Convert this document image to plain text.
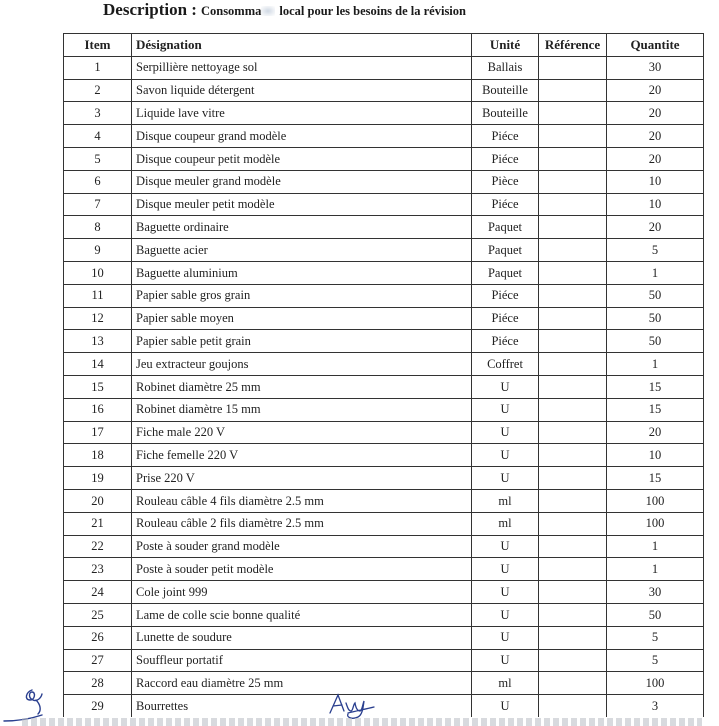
Description : Consomma local pour les besoins de la révision
Item	Désignation	Unité	Référence	Quantite
1	Serpillière nettoyage sol	Ballais		30
2	Savon liquide détergent	Bouteille		20
3	Liquide lave vitre	Bouteille		20
4	Disque coupeur grand modèle	Piéce		20
5	Disque coupeur petit modèle	Piéce		20
6	Disque meuler grand modèle	Pièce		10
7	Disque meuler petit modèle	Piéce		10
8	Baguette ordinaire	Paquet		20
9	Baguette acier	Paquet		5
10	Baguette aluminium	Paquet		1
11	Papier sable gros grain	Piéce		50
12	Papier sable moyen	Piéce		50
13	Papier sable petit grain	Piéce		50
14	Jeu extracteur goujons	Coffret		1
15	Robinet diamètre 25 mm	U		15
16	Robinet diamètre 15 mm	U		15
17	Fiche male 220 V	U		20
18	Fiche femelle 220 V	U		10
19	Prise 220 V	U		15
20	Rouleau câble 4 fils diamètre 2.5 mm	ml		100
21	Rouleau câble 2 fils diamètre 2.5 mm	ml		100
22	Poste à souder grand modèle	U		1
23	Poste à souder petit modèle	U		1
24	Cole joint 999	U		30
25	Lame de colle scie bonne qualité	U		50
26	Lunette de soudure	U		5
27	Souffleur portatif	U		5
28	Raccord eau diamètre 25 mm	ml		100
29	Bourrettes	U		3
